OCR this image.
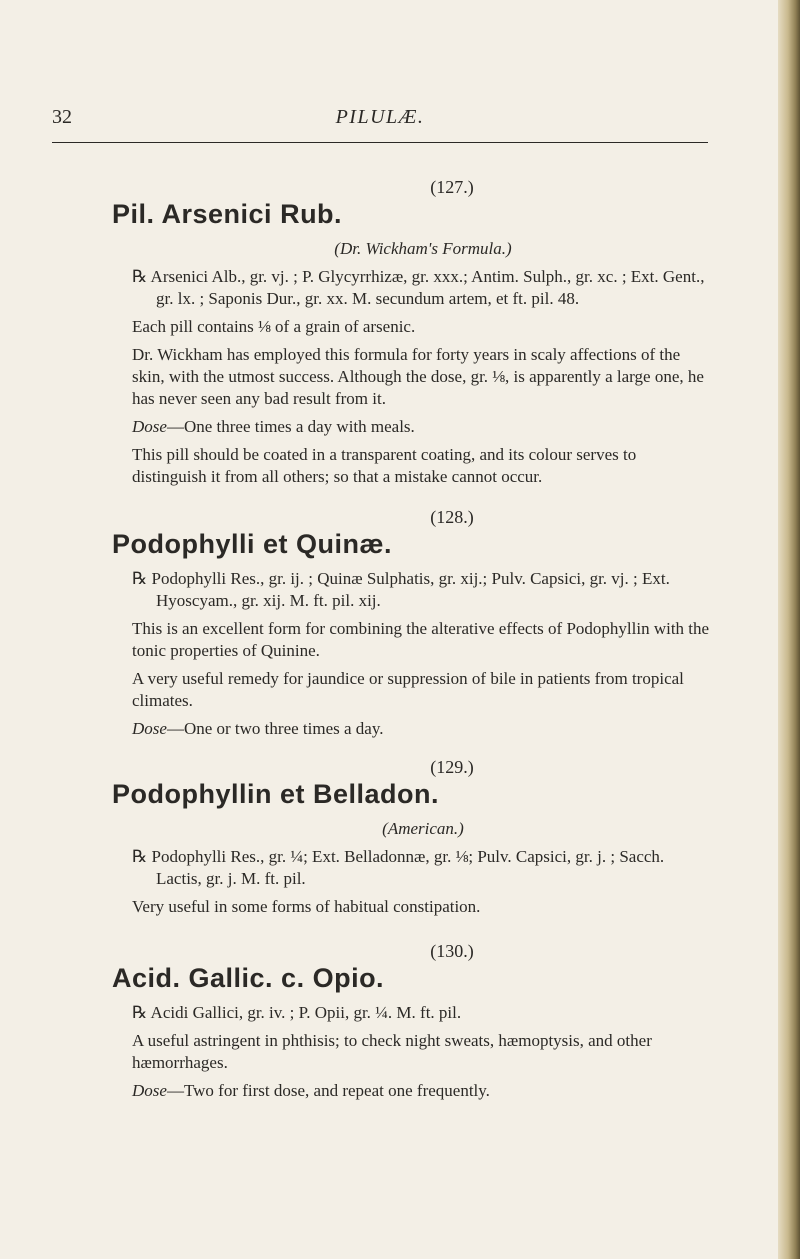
32	PILULÆ.
(127.)
Pil. Arsenici Rub.
(Dr. Wickham's Formula.)
℞ Arsenici Alb., gr. vj. ; P. Glycyrrhizæ, gr. xxx.; Antim. Sulph., gr. xc. ; Ext. Gent., gr. lx. ; Saponis Dur., gr. xx. M. secundum artem, et ft. pil. 48.
Each pill contains ⅛ of a grain of arsenic.
Dr. Wickham has employed this formula for forty years in scaly affections of the skin, with the utmost success. Although the dose, gr. ⅛, is apparently a large one, he has never seen any bad result from it.
Dose—One three times a day with meals.
This pill should be coated in a transparent coating, and its colour serves to distinguish it from all others; so that a mistake cannot occur.
(128.)
Podophylli et Quinæ.
℞ Podophylli Res., gr. ij. ; Quinæ Sulphatis, gr. xij.; Pulv. Capsici, gr. vj. ; Ext. Hyoscyam., gr. xij. M. ft. pil. xij.
This is an excellent form for combining the alterative effects of Podophyllin with the tonic properties of Quinine.
A very useful remedy for jaundice or suppression of bile in patients from tropical climates.
Dose—One or two three times a day.
(129.)
Podophyllin et Belladon.
(American.)
℞ Podophylli Res., gr. ¼; Ext. Belladonnæ, gr. ⅛; Pulv. Capsici, gr. j. ; Sacch. Lactis, gr. j. M. ft. pil.
Very useful in some forms of habitual constipation.
(130.)
Acid. Gallic. c. Opio.
℞ Acidi Gallici, gr. iv. ; P. Opii, gr. ¼. M. ft. pil.
A useful astringent in phthisis; to check night sweats, hæmoptysis, and other hæmorrhages.
Dose—Two for first dose, and repeat one frequently.
